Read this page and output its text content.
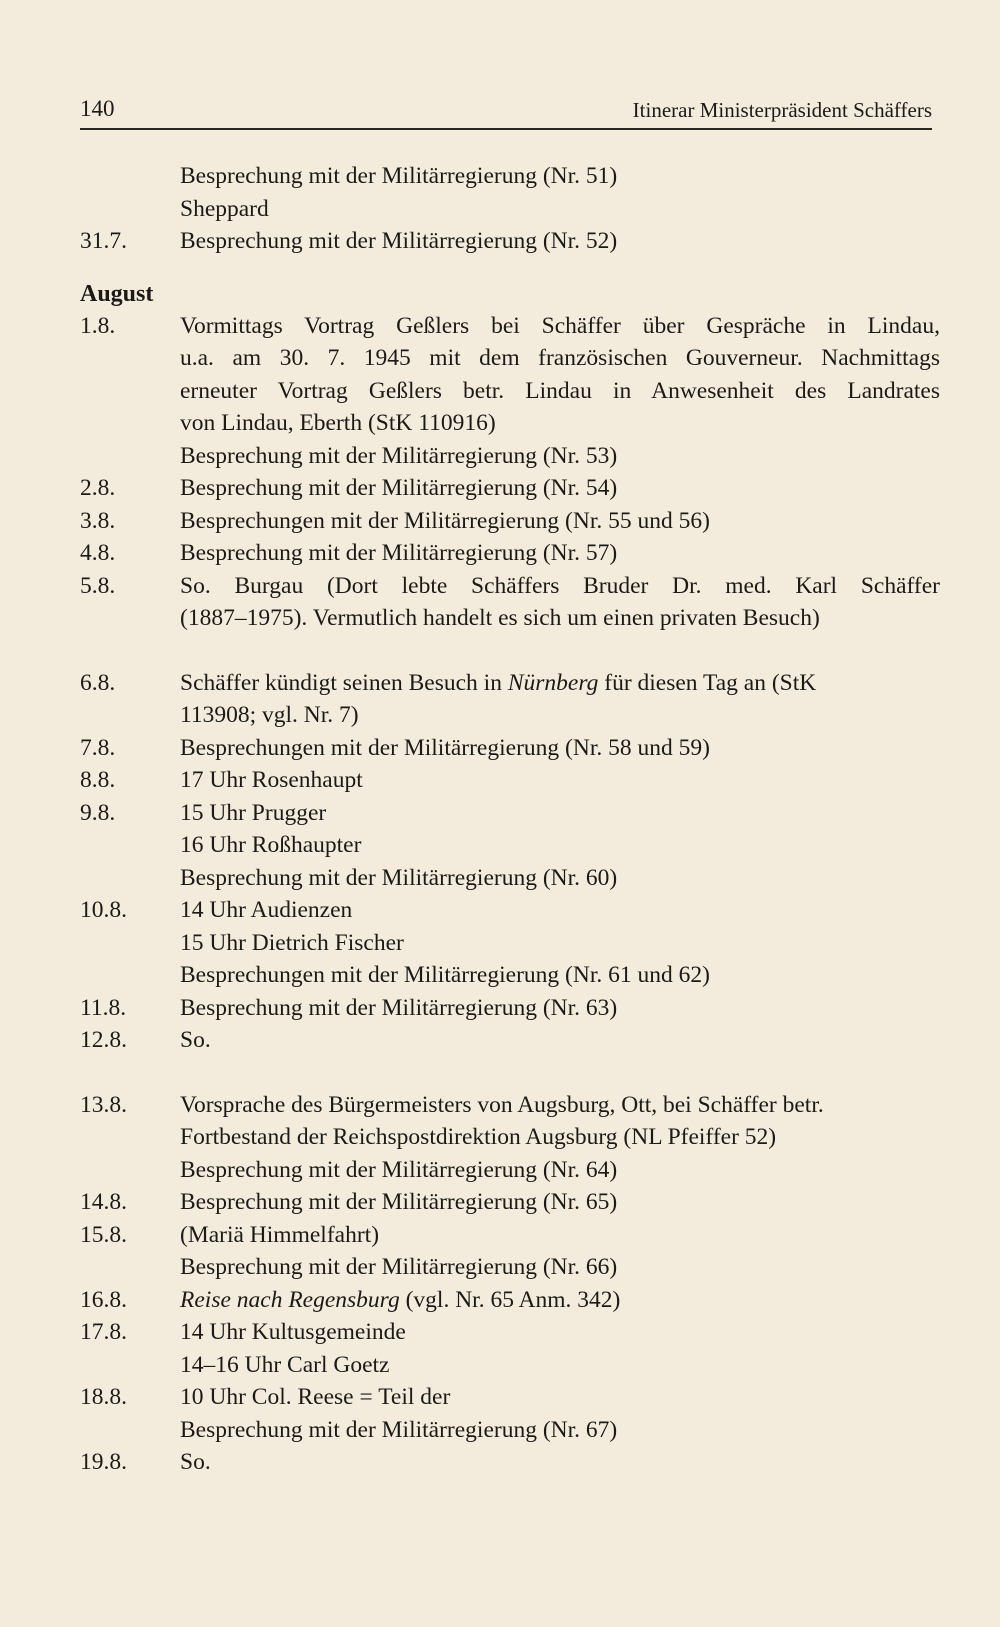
140	Itinerar Ministerpräsident Schäffers
Besprechung mit der Militärregierung (Nr. 51)
Sheppard
31.7.	Besprechung mit der Militärregierung (Nr. 52)
August
1.8.	Vormittags Vortrag Geßlers bei Schäffer über Gespräche in Lindau,
u.a. am 30. 7. 1945 mit dem französischen Gouverneur. Nachmittags
erneuter Vortrag Geßlers betr. Lindau in Anwesenheit des Landrates
von Lindau, Eberth (StK 110916)
Besprechung mit der Militärregierung (Nr. 53)
2.8.	Besprechung mit der Militärregierung (Nr. 54)
3.8.	Besprechungen mit der Militärregierung (Nr. 55 und 56)
4.8.	Besprechung mit der Militärregierung (Nr. 57)
5.8.	So. Burgau (Dort lebte Schäffers Bruder Dr. med. Karl Schäffer
(1887–1975). Vermutlich handelt es sich um einen privaten Besuch)
6.8.	Schäffer kündigt seinen Besuch in Nürnberg für diesen Tag an (StK
113908; vgl. Nr. 7)
7.8.	Besprechungen mit der Militärregierung (Nr. 58 und 59)
8.8.	17 Uhr Rosenhaupt
9.8.	15 Uhr Prugger
16 Uhr Roßhaupter
Besprechung mit der Militärregierung (Nr. 60)
10.8.	14 Uhr Audienzen
15 Uhr Dietrich Fischer
Besprechungen mit der Militärregierung (Nr. 61 und 62)
11.8.	Besprechung mit der Militärregierung (Nr. 63)
12.8.	So.
13.8.	Vorsprache des Bürgermeisters von Augsburg, Ott, bei Schäffer betr.
Fortbestand der Reichspostdirektion Augsburg (NL Pfeiffer 52)
Besprechung mit der Militärregierung (Nr. 64)
14.8.	Besprechung mit der Militärregierung (Nr. 65)
15.8.	(Mariä Himmelfahrt)
Besprechung mit der Militärregierung (Nr. 66)
16.8.	Reise nach Regensburg (vgl. Nr. 65 Anm. 342)
17.8.	14 Uhr Kultusgemeinde
14–16 Uhr Carl Goetz
18.8.	10 Uhr Col. Reese = Teil der
Besprechung mit der Militärregierung (Nr. 67)
19.8.	So.
